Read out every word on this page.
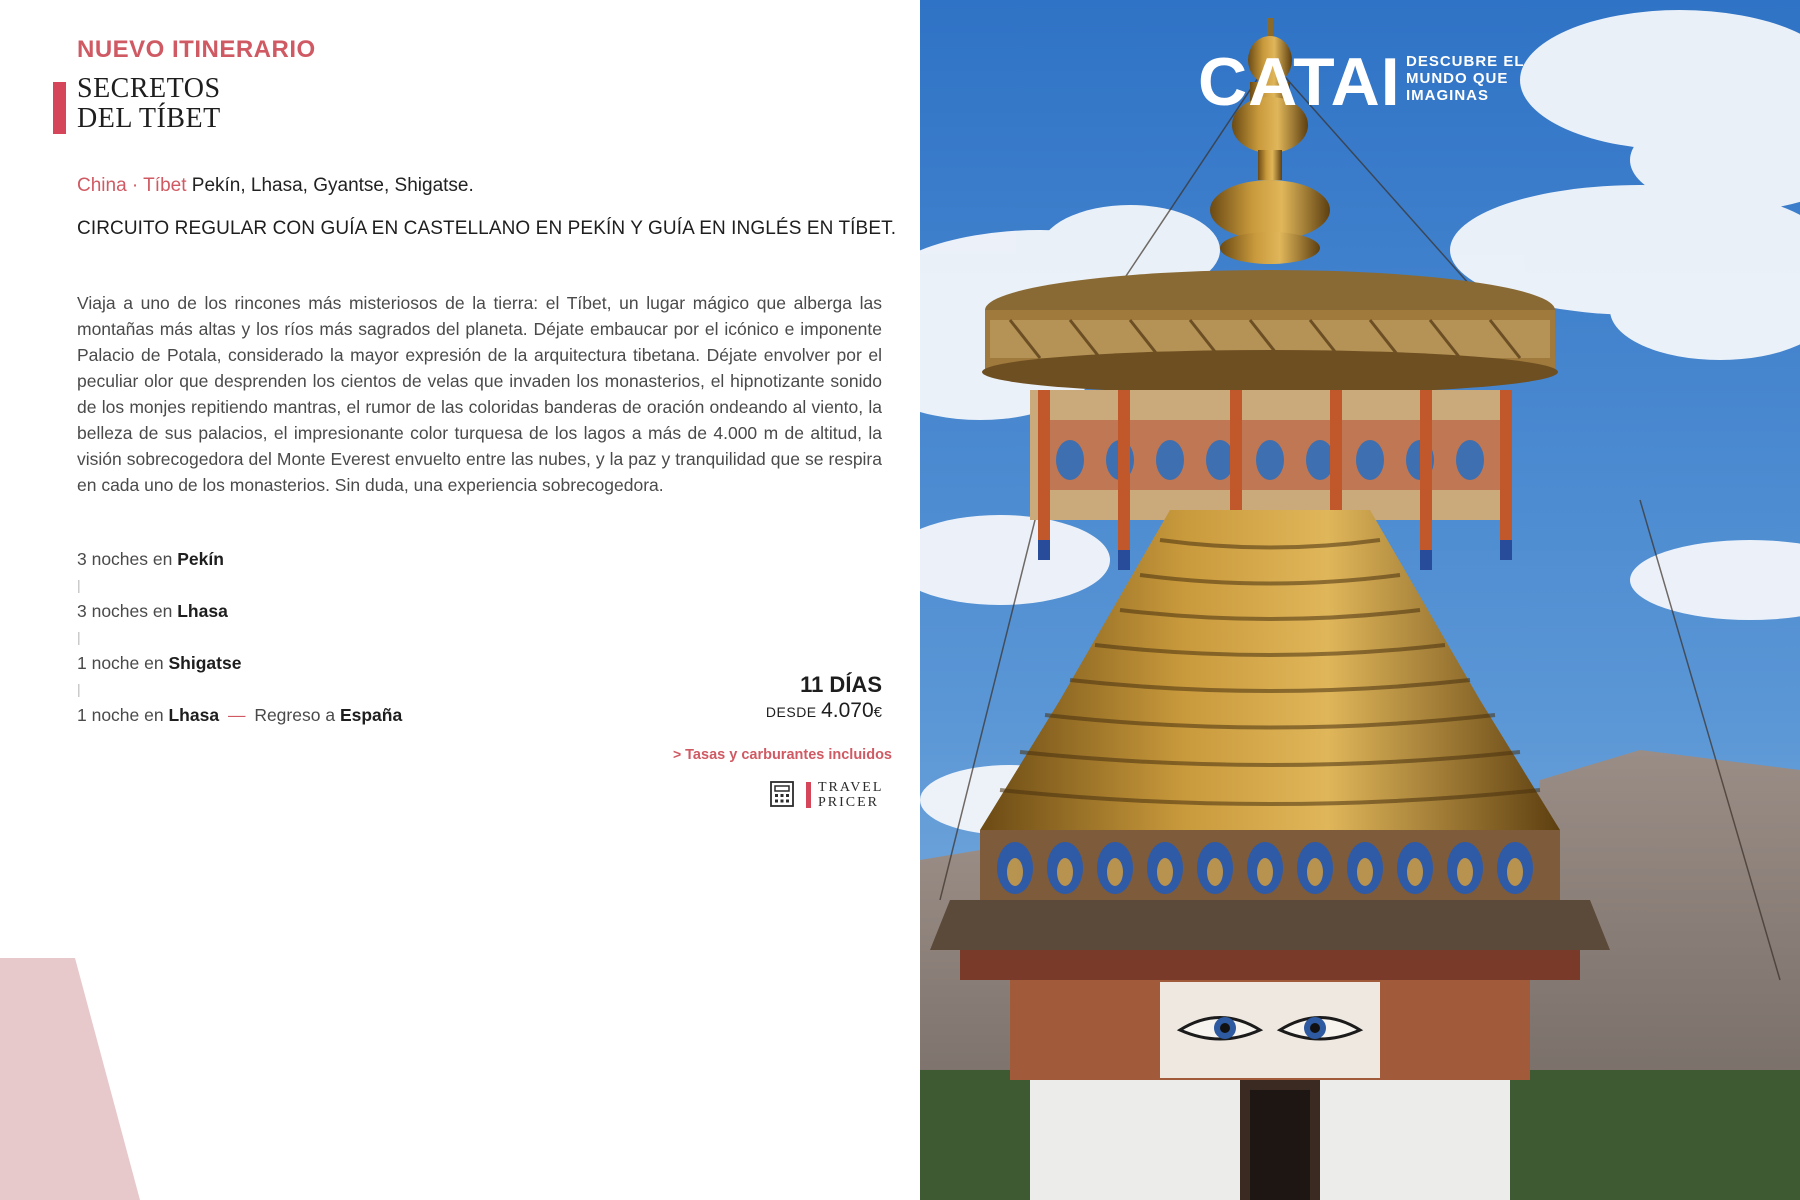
NUEVO ITINERARIO
SECRETOS
DEL TÍBET
China · Tíbet Pekín, Lhasa, Gyantse, Shigatse.
CIRCUITO REGULAR CON GUÍA EN CASTELLANO EN PEKÍN Y GUÍA EN INGLÉS EN TÍBET.

Viaja a uno de los rincones más misteriosos de la tierra: el Tíbet, un lugar mágico que alberga las montañas más altas y los ríos más sagrados del planeta. Déjate embaucar por el icónico e imponente Palacio de Potala, considerado la mayor expresión de la arquitectura tibetana. Déjate envolver por el peculiar olor que desprenden los cientos de velas que invaden los monasterios, el hipnotizante sonido de los monjes repitiendo mantras, el rumor de las coloridas banderas de oración ondeando al viento, la belleza de sus palacios, el impresionante color turquesa de los lagos a más de 4.000 m de altitud, la visión sobrecogedora del Monte Everest envuelto entre las nubes, y la paz y tranquilidad que se respira en cada uno de los monasterios. Sin duda, una experiencia sobrecogedora.

3 noches en Pekín
|
3 noches en Lhasa
|
1 noche en Shigatse
|
1 noche en Lhasa — Regreso a España
11 DÍAS
DESDE 4.070€
> Tasas y carburantes incluidos
TRAVEL
PRICER
CATAI DESCUBRE EL
MUNDO QUE
IMAGINAS
